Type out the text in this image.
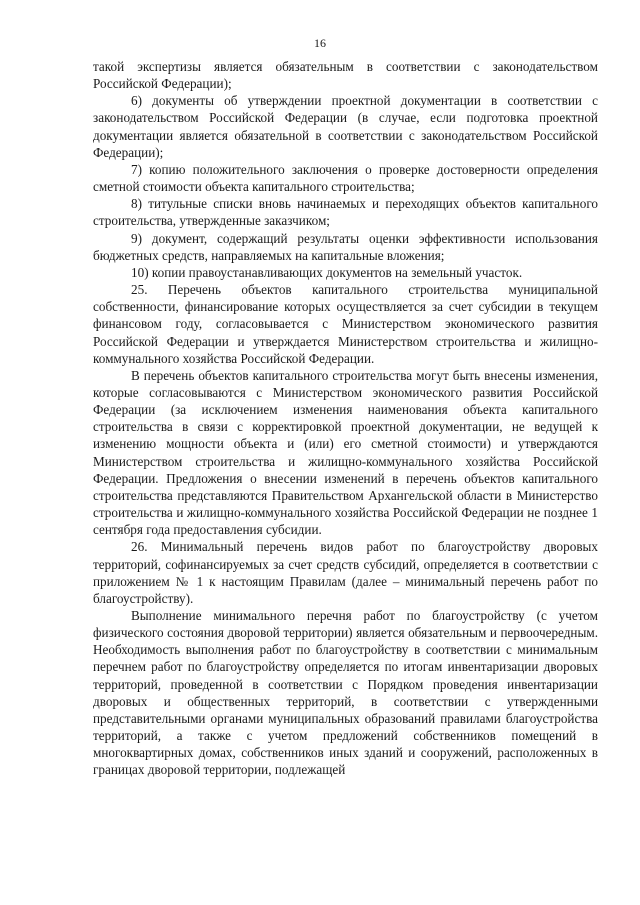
16

такой экспертизы является обязательным в соответствии с законодательством Российской Федерации);

6) документы об утверждении проектной документации в соответствии с законодательством Российской Федерации (в случае, если подготовка проектной документации является обязательной в соответствии с законодательством Российской Федерации);

7) копию положительного заключения о проверке достоверности определения сметной стоимости объекта капитального строительства;

8) титульные списки вновь начинаемых и переходящих объектов капитального строительства, утвержденные заказчиком;

9) документ, содержащий результаты оценки эффективности использования бюджетных средств, направляемых на капитальные вложения;

10) копии правоустанавливающих документов на земельный участок.

25. Перечень объектов капитального строительства муниципальной собственности, финансирование которых осуществляется за счет субсидии в текущем финансовом году, согласовывается с Министерством экономического развития Российской Федерации и утверждается Министерством строительства и жилищно-коммунального хозяйства Российской Федерации.

В перечень объектов капитального строительства могут быть внесены изменения, которые согласовываются с Министерством экономического развития Российской Федерации (за исключением изменения наименования объекта капитального строительства в связи с корректировкой проектной документации, не ведущей к изменению мощности объекта и (или) его сметной стоимости) и утверждаются Министерством строительства и жилищно-коммунального хозяйства Российской Федерации. Предложения о внесении изменений в перечень объектов капитального строительства представляются Правительством Архангельской области в Министерство строительства и жилищно-коммунального хозяйства Российской Федерации не позднее 1 сентября года предоставления субсидии.

26. Минимальный перечень видов работ по благоустройству дворовых территорий, софинансируемых за счет средств субсидий, определяется в соответствии с приложением № 1 к настоящим Правилам (далее – минимальный перечень работ по благоустройству).

Выполнение минимального перечня работ по благоустройству (с учетом физического состояния дворовой территории) является обязательным и первоочередным. Необходимость выполнения работ по благоустройству в соответствии с минимальным перечнем работ по благоустройству определяется по итогам инвентаризации дворовых территорий, проведенной в соответствии с Порядком проведения инвентаризации дворовых и общественных территорий, в соответствии с утвержденными представительными органами муниципальных образований правилами благоустройства территорий, а также с учетом предложений собственников помещений в многоквартирных домах, собственников иных зданий и сооружений, расположенных в границах дворовой территории, подлежащей
